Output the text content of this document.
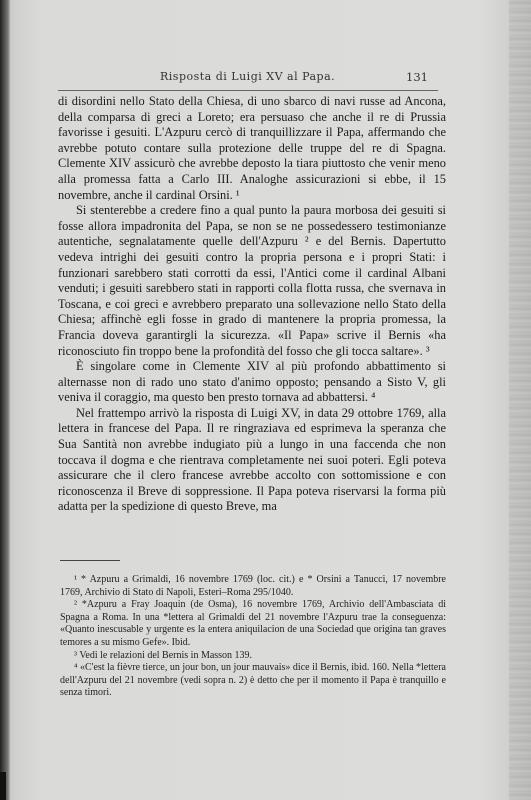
Risposta di Luigi XV al Papa.	131

di disordini nello Stato della Chiesa, di uno sbarco di navi russe ad Ancona, della comparsa di greci a Loreto; era persuaso che anche il re di Prussia favorisse i gesuiti. L'Azpuru cercò di tranquillizzare il Papa, affermando che avrebbe potuto contare sulla protezione delle truppe del re di Spagna. Clemente XIV assicurò che avrebbe deposto la tiara piuttosto che venir meno alla promessa fatta a Carlo III. Analoghe assicurazioni si ebbe, il 15 novembre, anche il cardinal Orsini. ¹

Si stenterebbe a credere fino a qual punto la paura morbosa dei gesuiti si fosse allora impadronita del Papa, se non se ne possedessero testimonianze autentiche, segnalatamente quelle dell'Azpuru ² e del Bernis. Dapertutto vedeva intrighi dei gesuiti contro la propria persona e i propri Stati: i funzionari sarebbero stati corrotti da essi, l'Antici come il cardinal Albani venduti; i gesuiti sarebbero stati in rapporti colla flotta russa, che svernava in Toscana, e coi greci e avrebbero preparato una sollevazione nello Stato della Chiesa; affinchè egli fosse in grado di mantenere la propria promessa, la Francia doveva garantirgli la sicurezza. «Il Papa» scrive il Bernis «ha riconosciuto fin troppo bene la profondità del fosso che gli tocca saltare». ³

È singolare come in Clemente XIV al più profondo abbattimento si alternasse non di rado uno stato d'animo opposto; pensando a Sisto V, gli veniva il coraggio, ma questo ben presto tornava ad abbattersi. ⁴

Nel frattempo arrivò la risposta di Luigi XV, in data 29 ottobre 1769, alla lettera in francese del Papa. Il re ringraziava ed esprimeva la speranza che Sua Santità non avrebbe indugiato più a lungo in una faccenda che non toccava il dogma e che rientrava completamente nei suoi poteri. Egli poteva assicurare che il clero francese avrebbe accolto con sottomissione e con riconoscenza il Breve di soppressione. Il Papa poteva riservarsi la forma più adatta per la spedizione di questo Breve, ma

¹ * Azpuru a Grimaldi, 16 novembre 1769 (loc. cit.) e * Orsini a Tanucci, 17 novembre 1769, Archivio di Stato di Napoli, Esteri–Roma 295/1040.

² *Azpuru a Fray Joaquin (de Osma), 16 novembre 1769, Archivio dell'Ambasciata di Spagna a Roma. In una *lettera al Grimaldi del 21 novembre l'Azpuru trae la conseguenza: «Quanto inescusable y urgente es la entera aniquilacion de una Sociedad que origina tan graves temores a su mismo Gefe». Ibid.

³ Vedi le relazioni del Bernis in Masson 139.

⁴ «C'est la fièvre tierce, un jour bon, un jour mauvais» dice il Bernis, ibid. 160. Nella *lettera dell'Azpuru del 21 novembre (vedi sopra n. 2) è detto che per il momento il Papa è tranquillo e senza timori.
